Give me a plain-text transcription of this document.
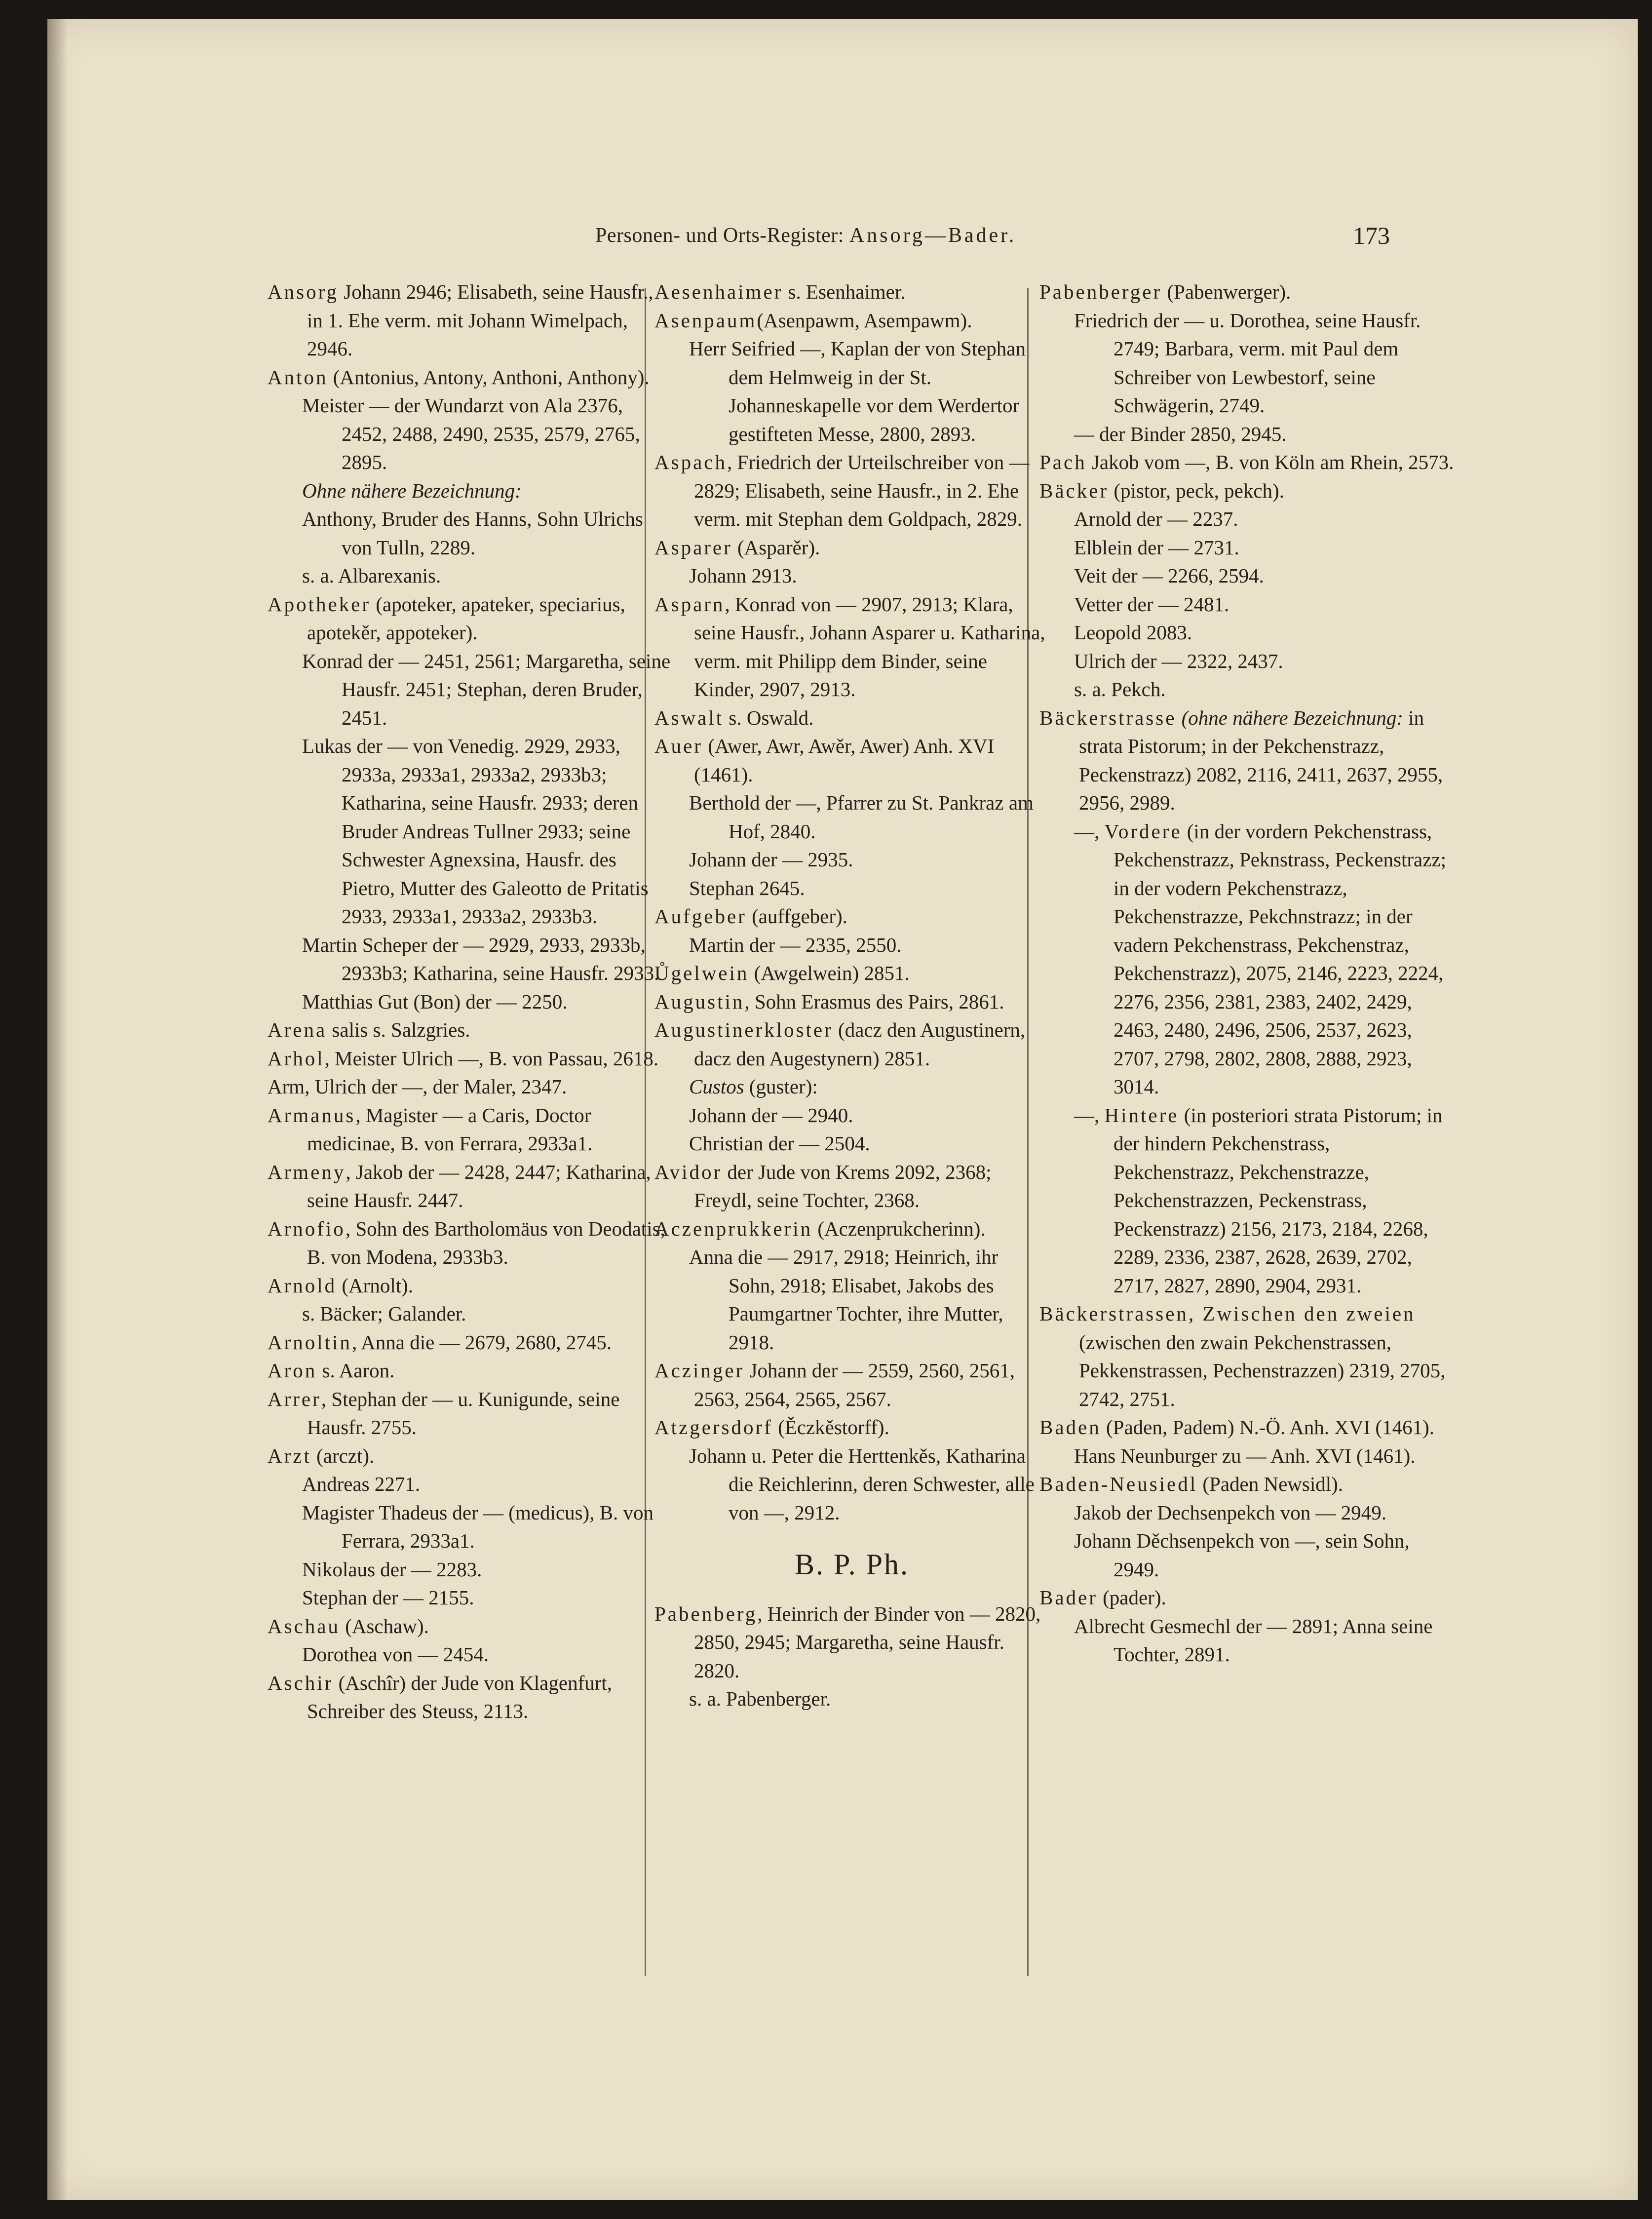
Personen- und Orts-Register: Ansorg—Bader.	173
Ansorg Johann 2946; Elisabeth, seine Hausfr., in 1. Ehe verm. mit Johann Wimelpach, 2946.
Anton (Antonius, Antony, Anthoni, Anthony).
Meister — der Wundarzt von Ala 2376, 2452, 2488, 2490, 2535, 2579, 2765, 2895.
Ohne nähere Bezeichnung:
Anthony, Bruder des Hanns, Sohn Ulrichs von Tulln, 2289.
s. a. Albarexanis.
Apotheker (apoteker, apateker, speciarius, apotekěr, appoteker).
Konrad der — 2451, 2561; Margaretha, seine Hausfr. 2451; Stephan, deren Bruder, 2451.
Lukas der — von Venedig. 2929, 2933, 2933a, 2933a1, 2933a2, 2933b3; Katharina, seine Hausfr. 2933; deren Bruder Andreas Tullner 2933; seine Schwester Agnexsina, Hausfr. des Pietro, Mutter des Galeotto de Pritatis 2933, 2933a1, 2933a2, 2933b3.
Martin Scheper der — 2929, 2933, 2933b, 2933b3; Katharina, seine Hausfr. 2933.
Matthias Gut (Bon) der — 2250.
Arena salis s. Salzgries.
Arhol, Meister Ulrich —, B. von Passau, 2618.
Arm, Ulrich der —, der Maler, 2347.
Armanus, Magister — a Caris, Doctor medicinae, B. von Ferrara, 2933a1.
Armeny, Jakob der — 2428, 2447; Katharina, seine Hausfr. 2447.
Arnofio, Sohn des Bartholomäus von Deodatis, B. von Modena, 2933b3.
Arnold (Arnolt).
s. Bäcker; Galander.
Arnoltin, Anna die — 2679, 2680, 2745.
Aron s. Aaron.
Arrer, Stephan der — u. Kunigunde, seine Hausfr. 2755.
Arzt (arczt).
Andreas 2271.
Magister Thadeus der — (medicus), B. von Ferrara, 2933a1.
Nikolaus der — 2283.
Stephan der — 2155.
Aschau (Aschaw).
Dorothea von — 2454.
Aschir (Aschîr) der Jude von Klagenfurt, Schreiber des Steuss, 2113.
Aesenhaimer s. Esenhaimer.
Asenpaum(Asenpawm, Asempawm).
Herr Seifried —, Kaplan der von Stephan dem Helmweig in der St. Johanneskapelle vor dem Werdertor gestifteten Messe, 2800, 2893.
Aspach, Friedrich der Urteilschreiber von — 2829; Elisabeth, seine Hausfr., in 2. Ehe verm. mit Stephan dem Goldpach, 2829.
Asparer (Asparěr).
Johann 2913.
Asparn, Konrad von — 2907, 2913; Klara, seine Hausfr., Johann Asparer u. Katharina, verm. mit Philipp dem Binder, seine Kinder, 2907, 2913.
Aswalt s. Oswald.
Auer (Awer, Awr, Awěr, Awer) Anh. XVI (1461).
Berthold der —, Pfarrer zu St. Pankraz am Hof, 2840.
Johann der — 2935.
Stephan 2645.
Aufgeber (auffgeber).
Martin der — 2335, 2550.
Ůgelwein (Awgelwein) 2851.
Augustin, Sohn Erasmus des Pairs, 2861.
Augustinerkloster (dacz den Augustinern, dacz den Augestynern) 2851.
Custos (guster):
Johann der — 2940.
Christian der — 2504.
Avidor der Jude von Krems 2092, 2368; Freydl, seine Tochter, 2368.
Aczenprukkerin (Aczenprukcherinn).
Anna die — 2917, 2918; Heinrich, ihr Sohn, 2918; Elisabet, Jakobs des Paumgartner Tochter, ihre Mutter, 2918.
Aczinger Johann der — 2559, 2560, 2561, 2563, 2564, 2565, 2567.
Atzgersdorf (Ěczkěstorff).
Johann u. Peter die Herttenkěs, Katharina die Reichlerinn, deren Schwester, alle von —, 2912.
B. P. Ph.
Pabenberg, Heinrich der Binder von — 2820, 2850, 2945; Margaretha, seine Hausfr. 2820.
s. a. Pabenberger.
Pabenberger (Pabenwerger).
Friedrich der — u. Dorothea, seine Hausfr. 2749; Barbara, verm. mit Paul dem Schreiber von Lewbestorf, seine Schwägerin, 2749.
— der Binder 2850, 2945.
Pach Jakob vom —, B. von Köln am Rhein, 2573.
Bäcker (pistor, peck, pekch).
Arnold der — 2237.
Elblein der — 2731.
Veit der — 2266, 2594.
Vetter der — 2481.
Leopold 2083.
Ulrich der — 2322, 2437.
s. a. Pekch.
Bäckerstrasse (ohne nähere Bezeichnung: in strata Pistorum; in der Pekchenstrazz, Peckenstrazz) 2082, 2116, 2411, 2637, 2955, 2956, 2989.
—, Vordere (in der vordern Pekchenstrass, Pekchenstrazz, Peknstrass, Peckenstrazz; in der vodern Pekchenstrazz, Pekchenstrazze, Pekchnstrazz; in der vadern Pekchenstrass, Pekchenstraz, Pekchenstrazz), 2075, 2146, 2223, 2224, 2276, 2356, 2381, 2383, 2402, 2429, 2463, 2480, 2496, 2506, 2537, 2623, 2707, 2798, 2802, 2808, 2888, 2923, 3014.
—, Hintere (in posteriori strata Pistorum; in der hindern Pekchenstrass, Pekchenstrazz, Pekchenstrazze, Pekchenstrazzen, Peckenstrass, Peckenstrazz) 2156, 2173, 2184, 2268, 2289, 2336, 2387, 2628, 2639, 2702, 2717, 2827, 2890, 2904, 2931.
Bäckerstrassen, Zwischen den zweien (zwischen den zwain Pekchenstrassen, Pekkenstrassen, Pechenstrazzen) 2319, 2705, 2742, 2751.
Baden (Paden, Padem) N.-Ö. Anh. XVI (1461).
Hans Neunburger zu — Anh. XVI (1461).
Baden-Neusiedl (Paden Newsidl).
Jakob der Dechsenpekch von — 2949.
Johann Děchsenpekch von —, sein Sohn, 2949.
Bader (pader).
Albrecht Gesmechl der — 2891; Anna seine Tochter, 2891.
